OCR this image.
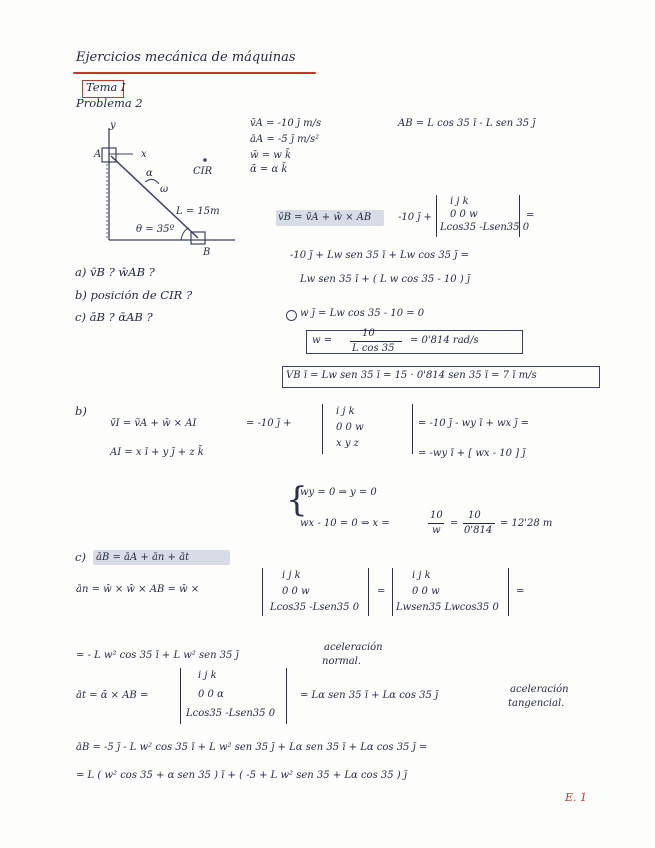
Ejercicios mecánica de máquinas
Tema I
Problema 2
y
x
A
B
α
ω
L = 15m
θ = 35º
CIR
v̄A = -10 j̄ m/s
āA = -5 j̄ m/s²
w̄ = w k̄
ᾱ = α k̄
AB = L cos 35 ī - L sen 35 j̄
a) v̄B ? w̄AB ?
b) posición de CIR ?
c) āB ? ᾱAB ?
v̄B = v̄A + w̄ × AB	-10 j̄ +
i j k
0 0 w
Lcos35 -Lsen35 0
=
-10 j̄ + Lw sen 35 ī + Lw cos 35 j̄ =
Lw sen 35 ī + ( L w cos 35 - 10 ) j̄
w j̄ = Lw cos 35 - 10 = 0
w =
10
L cos 35
= 0'814 rad/s
VB ī = Lw sen 35 ī = 15 · 0'814 sen 35 ī = 7 ī m/s
b)
v̄I = v̄A + w̄ × AI
AI = x ī + y j̄ + z k̄
= -10 j̄ +
i j k
0 0 w
x y z
= -10 j̄ - wy ī + wx j̄ =
= -wy ī + [ wx - 10 ] j̄
{
wy = 0 ⇒ y = 0
wx - 10 = 0 ⇒ x =
10
w
=
10
0'814
= 12'28 m
c) āB = āA + ān + āt
ān = w̄ × w̄ × AB = w̄ ×
i j k
0 0 w
Lcos35 -Lsen35 0
=
i j k
0 0 w
Lwsen35 Lwcos35 0
=
= - L w² cos 35 ī + L w² sen 35 j̄
aceleración
normal.
āt = ᾱ × AB =
i j k
0 0 α
Lcos35 -Lsen35 0
= Lα sen 35 ī + Lα cos 35 j̄
aceleración
tangencial.
āB = -5 j̄ - L w² cos 35 ī + L w² sen 35 j̄ + Lα sen 35 ī + Lα cos 35 j̄ =
= L ( w² cos 35 + α sen 35 ) ī + ( -5 + L w² sen 35 + Lα cos 35 ) j̄
E. 1
